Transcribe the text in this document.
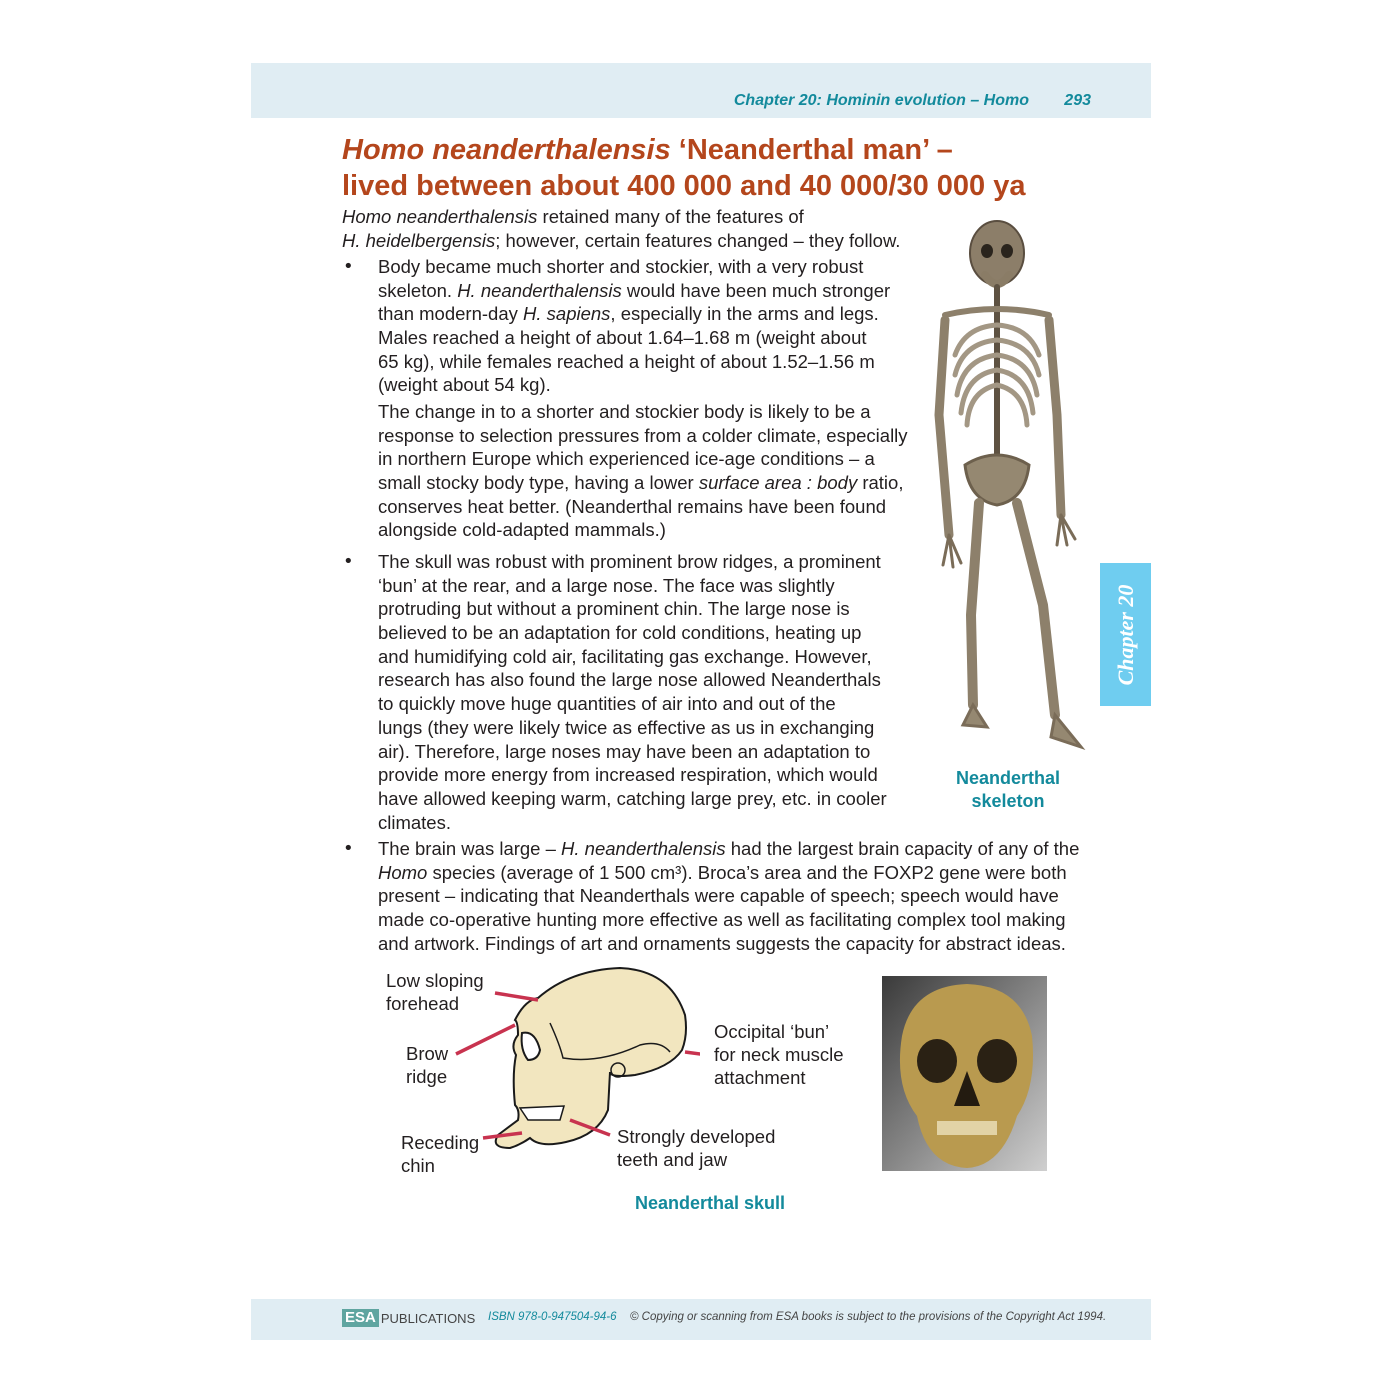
Chapter 20: Hominin evolution – Homo 293
Homo neanderthalensis ‘Neanderthal man’ –
lived between about 400 000 and 40 000/30 000 ya
Homo neanderthalensis retained many of the features of
H. heidelbergensis; however, certain features changed – they follow.
• Body became much shorter and stockier, with a very robust
skeleton. H. neanderthalensis would have been much stronger
than modern-day H. sapiens, especially in the arms and legs.
Males reached a height of about 1.64–1.68 m (weight about
65 kg), while females reached a height of about 1.52–1.56 m
(weight about 54 kg).
The change in to a shorter and stockier body is likely to be a
response to selection pressures from a colder climate, especially
in northern Europe which experienced ice-age conditions – a
small stocky body type, having a lower surface area : body ratio,
conserves heat better. (Neanderthal remains have been found
alongside cold-adapted mammals.)
• The skull was robust with prominent brow ridges, a prominent
‘bun’ at the rear, and a large nose. The face was slightly
protruding but without a prominent chin. The large nose is
believed to be an adaptation for cold conditions, heating up
and humidifying cold air, facilitating gas exchange. However,
research has also found the large nose allowed Neanderthals
to quickly move huge quantities of air into and out of the
lungs (they were likely twice as effective as us in exchanging
air). Therefore, large noses may have been an adaptation to
provide more energy from increased respiration, which would
have allowed keeping warm, catching large prey, etc. in cooler
climates.
• The brain was large – H. neanderthalensis had the largest brain capacity of any of the
Homo species (average of 1 500 cm³). Broca’s area and the FOXP2 gene were both
present – indicating that Neanderthals were capable of speech; speech would have
made co-operative hunting more effective as well as facilitating complex tool making
and artwork. Findings of art and ornaments suggests the capacity for abstract ideas.
Neanderthal
skeleton
Chapter 20
Low sloping
forehead
Brow
ridge
Receding
chin
Occipital ‘bun’
for neck muscle
attachment
Strongly developed
teeth and jaw
Neanderthal skull
ESA PUBLICATIONS ISBN 978-0-947504-94-6 © Copying or scanning from ESA books is subject to the provisions of the Copyright Act 1994.
